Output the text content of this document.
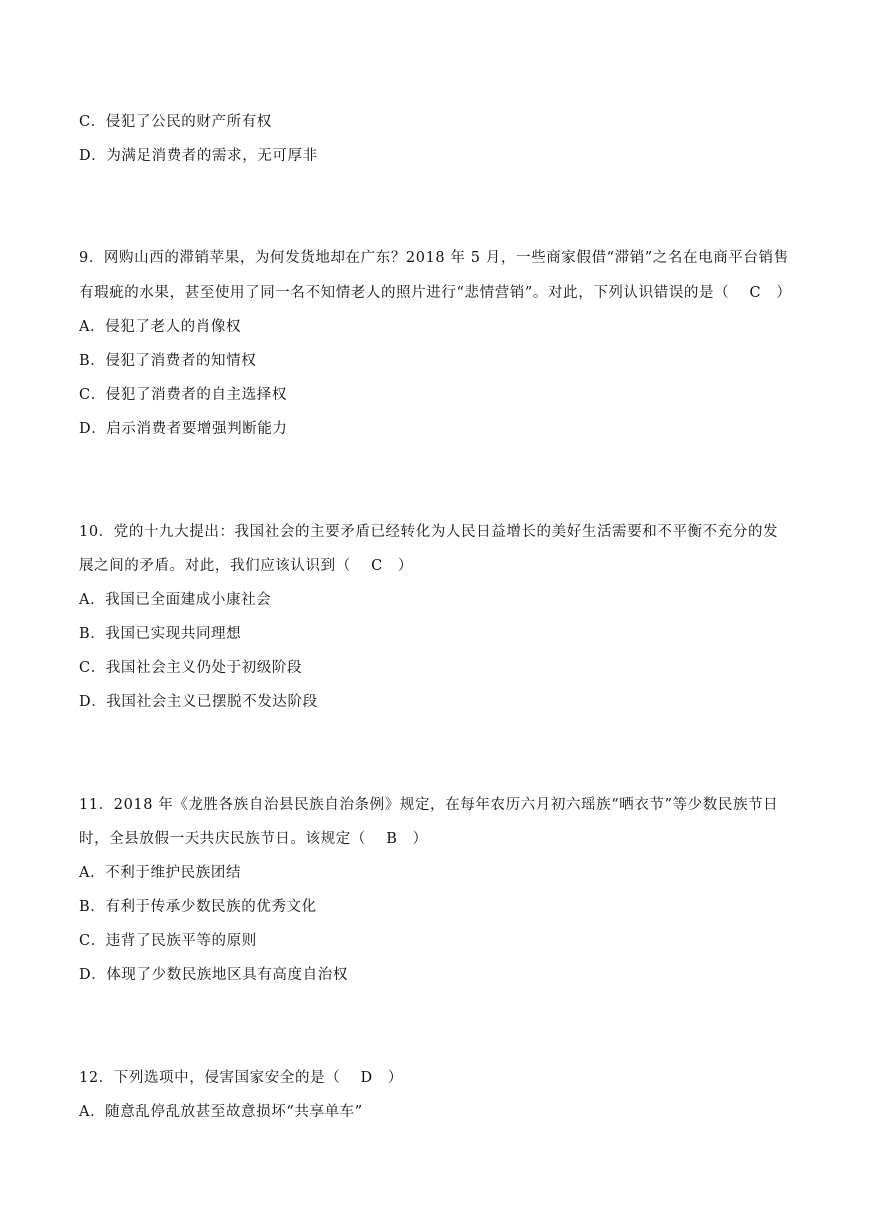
C．侵犯了公民的财产所有权
D．为满足消费者的需求，无可厚非
9．网购山西的滞销苹果，为何发货地却在广东？2018 年 5 月，一些商家假借“滞销”之名在电商平台销售
有瑕疵的水果，甚至使用了同一名不知情老人的照片进行“悲情营销”。对此，下列认识错误的是（　 C　）
A．侵犯了老人的肖像权
B．侵犯了消费者的知情权
C．侵犯了消费者的自主选择权
D．启示消费者要增强判断能力
10．党的十九大提出：我国社会的主要矛盾已经转化为人民日益增长的美好生活需要和不平衡不充分的发
展之间的矛盾。对此，我们应该认识到（　 C　）
A．我国已全面建成小康社会
B．我国已实现共同理想
C．我国社会主义仍处于初级阶段
D．我国社会主义已摆脱不发达阶段
11．2018 年《龙胜各族自治县民族自治条例》规定，在每年农历六月初六瑶族“晒衣节”等少数民族节日
时，全县放假一天共庆民族节日。该规定（　 B　）
A．不利于维护民族团结
B．有利于传承少数民族的优秀文化
C．违背了民族平等的原则
D．体现了少数民族地区具有高度自治权
12．下列选项中，侵害国家安全的是（　 D　）
A．随意乱停乱放甚至故意损坏“共享单车”
